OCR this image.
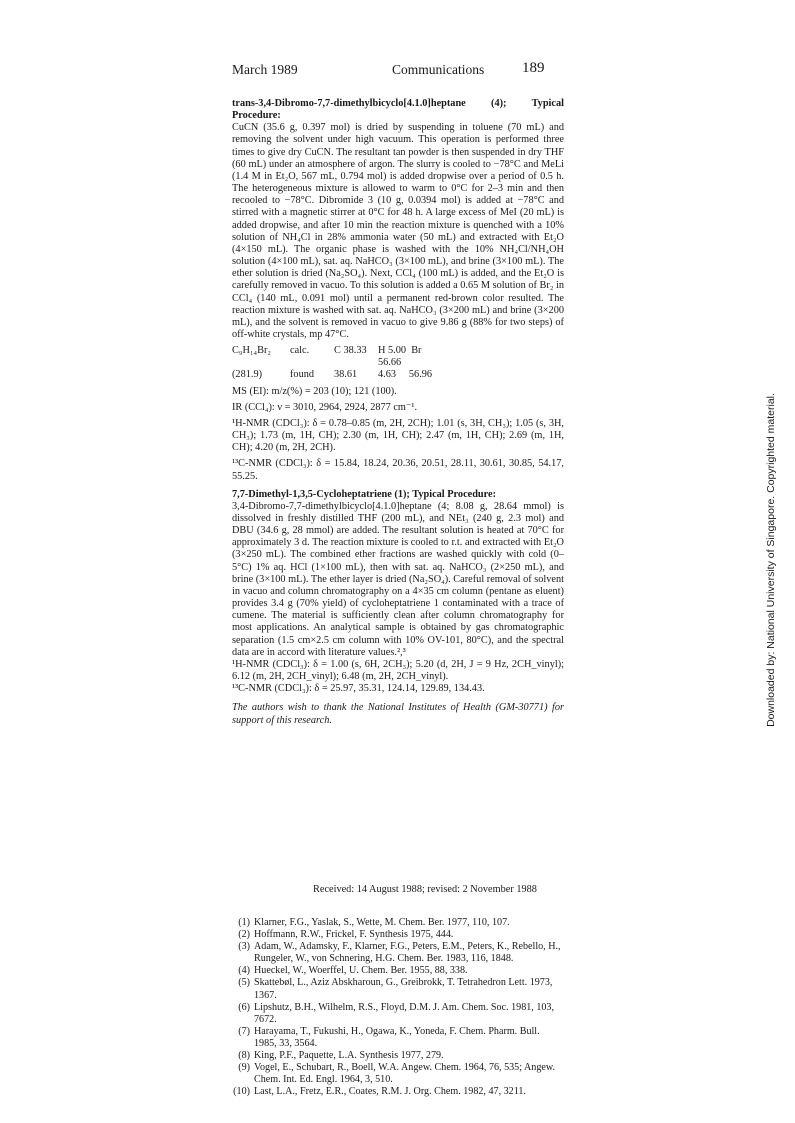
March 1989	Communications	189

trans-3,4-Dibromo-7,7-dimethylbicyclo[4.1.0]heptane (4); Typical Procedure:

CuCN (35.6 g, 0.397 mol) is dried by suspending in toluene (70 mL) and removing the solvent under high vacuum. This operation is performed three times to give dry CuCN. The resultant tan powder is then suspended in dry THF (60 mL) under an atmosphere of argon. The slurry is cooled to −78°C and MeLi (1.4 M in Et₂O, 567 mL, 0.794 mol) is added dropwise over a period of 0.5 h. The heterogeneous mixture is allowed to warm to 0°C for 2–3 min and then recooled to −78°C. Dibromide 3 (10 g, 0.0394 mol) is added at −78°C and stirred with a magnetic stirrer at 0°C for 48 h. A large excess of MeI (20 mL) is added dropwise, and after 10 min the reaction mixture is quenched with a 10% solution of NH₄Cl in 28% ammonia water (50 mL) and extracted with Et₂O (4×150 mL). The organic phase is washed with the 10% NH₄Cl/NH₄OH solution (4×100 mL), sat. aq. NaHCO₃ (3×100 mL), and brine (3×100 mL). The ether solution is dried (Na₂SO₄). Next, CCl₄ (100 mL) is added, and the Et₂O is carefully removed in vacuo. To this solution is added a 0.65 M solution of Br₂ in CCl₄ (140 mL, 0.091 mol) until a permanent red-brown color resulted. The reaction mixture is washed with sat. aq. NaHCO₃ (3×200 mL) and brine (3×200 mL), and the solvent is removed in vacuo to give 9.86 g (88% for two steps) of off-white crystals, mp 47°C.

C₉H₁₄Br₂	calc.	C 38.33	H 5.00 Br 56.66
(281.9)	found	38.61	4.63 56.96

MS (EI): m/z(%) = 203 (10); 121 (100).

IR (CCl₄): ν = 3010, 2964, 2924, 2877 cm⁻¹.

¹H-NMR (CDCl₃): δ = 0.78–0.85 (m, 2H, 2CH); 1.01 (s, 3H, CH₃); 1.05 (s, 3H, CH₃); 1.73 (m, 1H, CH); 2.30 (m, 1H, CH); 2.47 (m, 1H, CH); 2.69 (m, 1H, CH); 4.20 (m, 2H, 2CH).

¹³C-NMR (CDCl₃): δ = 15.84, 18.24, 20.36, 20.51, 28.11, 30.61, 30.85, 54.17, 55.25.

7,7-Dimethyl-1,3,5-Cycloheptatriene (1); Typical Procedure:

3,4-Dibromo-7,7-dimethylbicyclo[4.1.0]heptane (4; 8.08 g, 28.64 mmol) is dissolved in freshly distilled THF (200 mL), and NEt₃ (240 g, 2.3 mol) and DBU (34.6 g, 28 mmol) are added. The resultant solution is heated at 70°C for approximately 3 d. The reaction mixture is cooled to r.t. and extracted with Et₂O (3×250 mL). The combined ether fractions are washed quickly with cold (0–5°C) 1% aq. HCl (1×100 mL), then with sat. aq. NaHCO₃ (2×250 mL), and brine (3×100 mL). The ether layer is dried (Na₂SO₄). Careful removal of solvent in vacuo and column chromatography on a 4×35 cm column (pentane as eluent) provides 3.4 g (70% yield) of cycloheptatriene 1 contaminated with a trace of cumene. The material is sufficiently clean after column chromatography for most applications. An analytical sample is obtained by gas chromatographic separation (1.5 cm×2.5 cm column with 10% OV-101, 80°C), and the spectral data are in accord with literature values.²,³

¹H-NMR (CDCl₃): δ = 1.00 (s, 6H, 2CH₃); 5.20 (d, 2H, J = 9 Hz, 2CH_vinyl); 6.12 (m, 2H, 2CH_vinyl); 6.48 (m, 2H, 2CH_vinyl).

¹³C-NMR (CDCl₃): δ = 25.97, 35.31, 124.14, 129.89, 134.43.

The authors wish to thank the National Institutes of Health (GM-30771) for support of this research.

Received: 14 August 1988; revised: 2 November 1988
(1) Klarner, F.G., Yaslak, S., Wette, M. Chem. Ber. 1977, 110, 107.
(2) Hoffmann, R.W., Frickel, F. Synthesis 1975, 444.
(3) Adam, W., Adamsky, F., Klarner, F.G., Peters, E.M., Peters, K., Rebello, H., Rungeler, W., von Schnering, H.G. Chem. Ber. 1983, 116, 1848.
(4) Hueckel, W., Woerffel, U. Chem. Ber. 1955, 88, 338.
(5) Skattebøl, L., Aziz Abskharoun, G., Greibrokk, T. Tetrahedron Lett. 1973, 1367.
(6) Lipshutz, B.H., Wilhelm, R.S., Floyd, D.M. J. Am. Chem. Soc. 1981, 103, 7672.
(7) Harayama, T., Fukushi, H., Ogawa, K., Yoneda, F. Chem. Pharm. Bull. 1985, 33, 3564.
(8) King, P.F., Paquette, L.A. Synthesis 1977, 279.
(9) Vogel, E., Schubart, R., Boell, W.A. Angew. Chem. 1964, 76, 535; Angew. Chem. Int. Ed. Engl. 1964, 3, 510.
(10) Last, L.A., Fretz, E.R., Coates, R.M. J. Org. Chem. 1982, 47, 3211.
Downloaded by: National University of Singapore. Copyrighted material.
